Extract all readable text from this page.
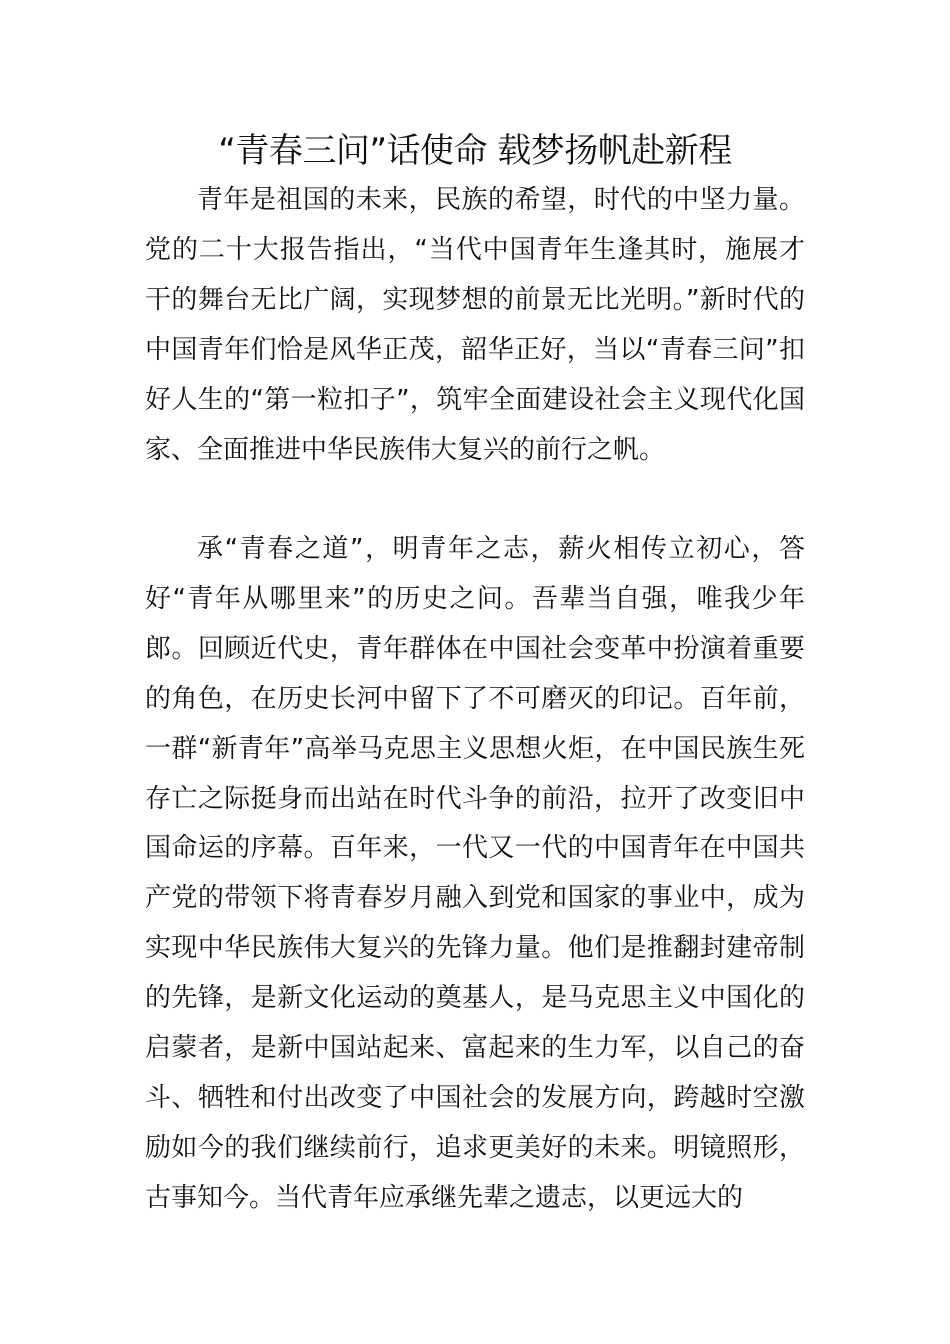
“青春三问”话使命 载梦扬帆赴新程

青年是祖国的未来，民族的希望，时代的中坚力量。党的二十大报告指出，“当代中国青年生逢其时，施展才干的舞台无比广阔，实现梦想的前景无比光明。”新时代的中国青年们恰是风华正茂，韶华正好，当以“青春三问”扣好人生的“第一粒扣子”，筑牢全面建设社会主义现代化国家、全面推进中华民族伟大复兴的前行之帆。

承“青春之道”，明青年之志，薪火相传立初心，答好“青年从哪里来”的历史之问。吾辈当自强，唯我少年郎。回顾近代史，青年群体在中国社会变革中扮演着重要的角色，在历史长河中留下了不可磨灭的印记。百年前，一群“新青年”高举马克思主义思想火炬，在中国民族生死存亡之际挺身而出站在时代斗争的前沿，拉开了改变旧中国命运的序幕。百年来，一代又一代的中国青年在中国共产党的带领下将青春岁月融入到党和国家的事业中，成为实现中华民族伟大复兴的先锋力量。他们是推翻封建帝制的先锋，是新文化运动的奠基人，是马克思主义中国化的启蒙者，是新中国站起来、富起来的生力军，以自己的奋斗、牺牲和付出改变了中国社会的发展方向，跨越时空激励如今的我们继续前行，追求更美好的未来。明镜照形，古事知今。当代青年应承继先辈之遗志，以更远大的
